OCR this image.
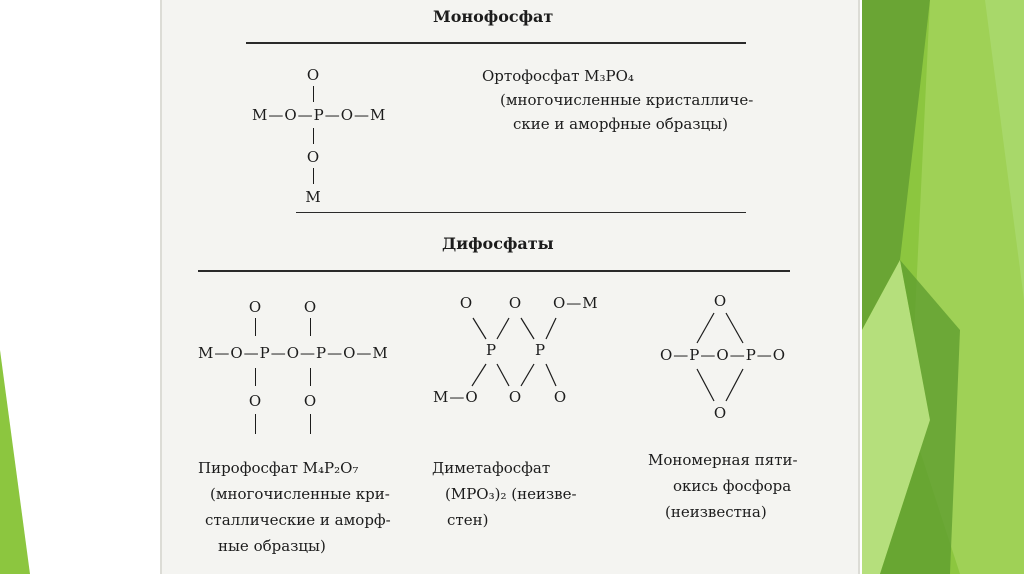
Монофосфат
O
M—O—P—O—M
O
M
Ортофосфат M₃PO₄
(многочисленные кристалличе-
ские и аморфные образцы)
Дифосфаты
O	O
M—O—P—O—P—O—M
O	O
Пирофосфат M₄P₂O₇
(многочисленные кри-
сталлические и аморф-
ные образцы)
O O O—M
P	P
M—O O O
Диметафосфат
(MPO₃)₂ (неизве-
стен)
O
O—P—O—P—O
O
Мономерная пяти-
окись фосфора
(неизвестна)
